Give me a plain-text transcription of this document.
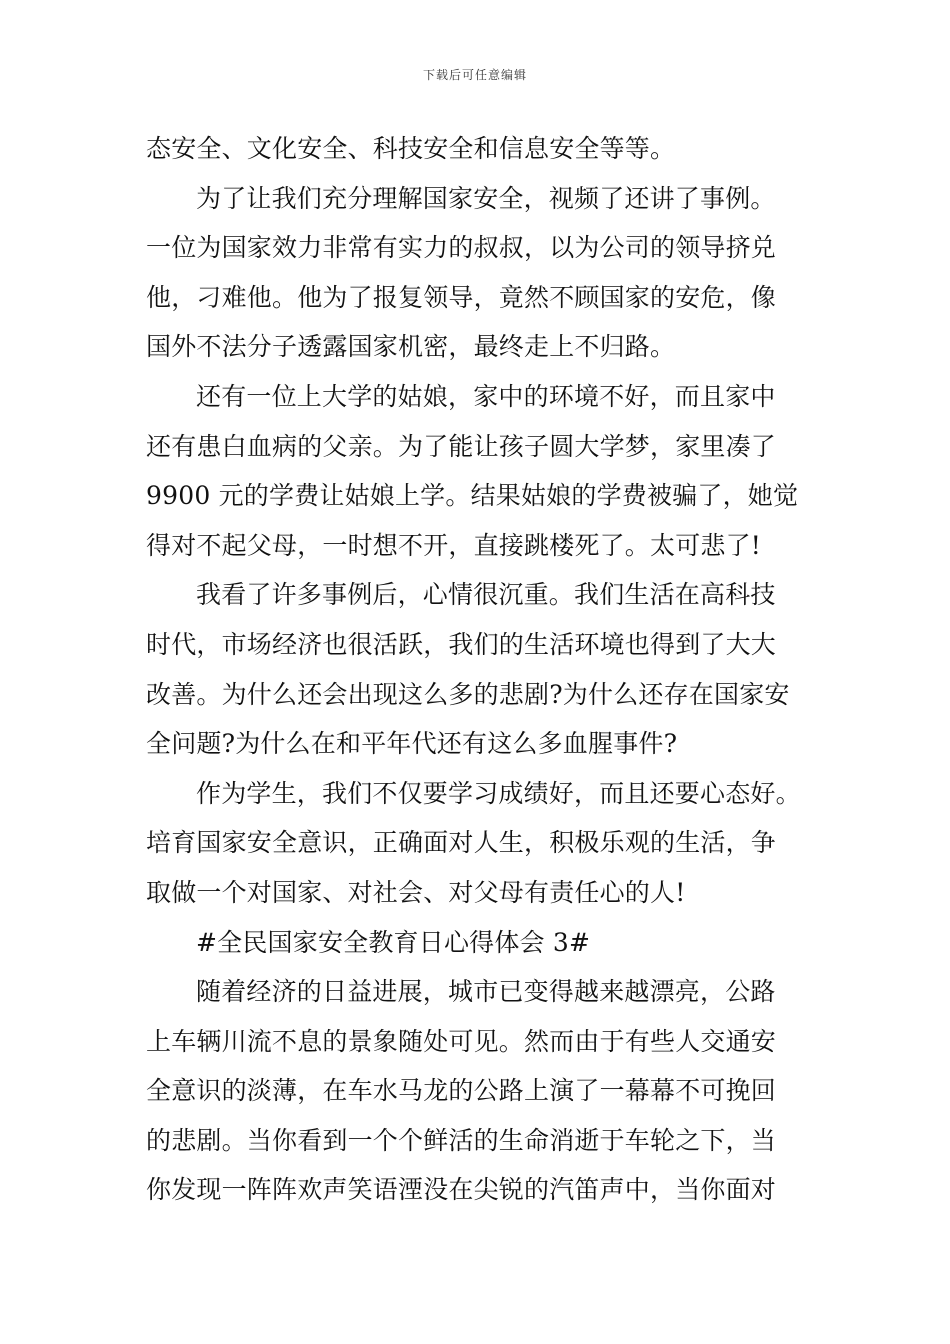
下载后可任意编辑
态安全、文化安全、科技安全和信息安全等等。
为了让我们充分理解国家安全，视频了还讲了事例。
一位为国家效力非常有实力的叔叔，以为公司的领导挤兑
他，刁难他。他为了报复领导，竟然不顾国家的安危，像
国外不法分子透露国家机密，最终走上不归路。
还有一位上大学的姑娘，家中的环境不好，而且家中
还有患白血病的父亲。为了能让孩子圆大学梦，家里凑了
9900 元的学费让姑娘上学。结果姑娘的学费被骗了，她觉
得对不起父母，一时想不开，直接跳楼死了。太可悲了!
我看了许多事例后，心情很沉重。我们生活在高科技
时代，市场经济也很活跃，我们的生活环境也得到了大大
改善。为什么还会出现这么多的悲剧?为什么还存在国家安
全问题?为什么在和平年代还有这么多血腥事件?
作为学生，我们不仅要学习成绩好，而且还要心态好。
培育国家安全意识，正确面对人生，积极乐观的生活，争
取做一个对国家、对社会、对父母有责任心的人!
#全民国家安全教育日心得体会 3#
随着经济的日益进展，城市已变得越来越漂亮，公路
上车辆川流不息的景象随处可见。然而由于有些人交通安
全意识的淡薄，在车水马龙的公路上演了一幕幕不可挽回
的悲剧。当你看到一个个鲜活的生命消逝于车轮之下，当
你发现一阵阵欢声笑语湮没在尖锐的汽笛声中，当你面对
